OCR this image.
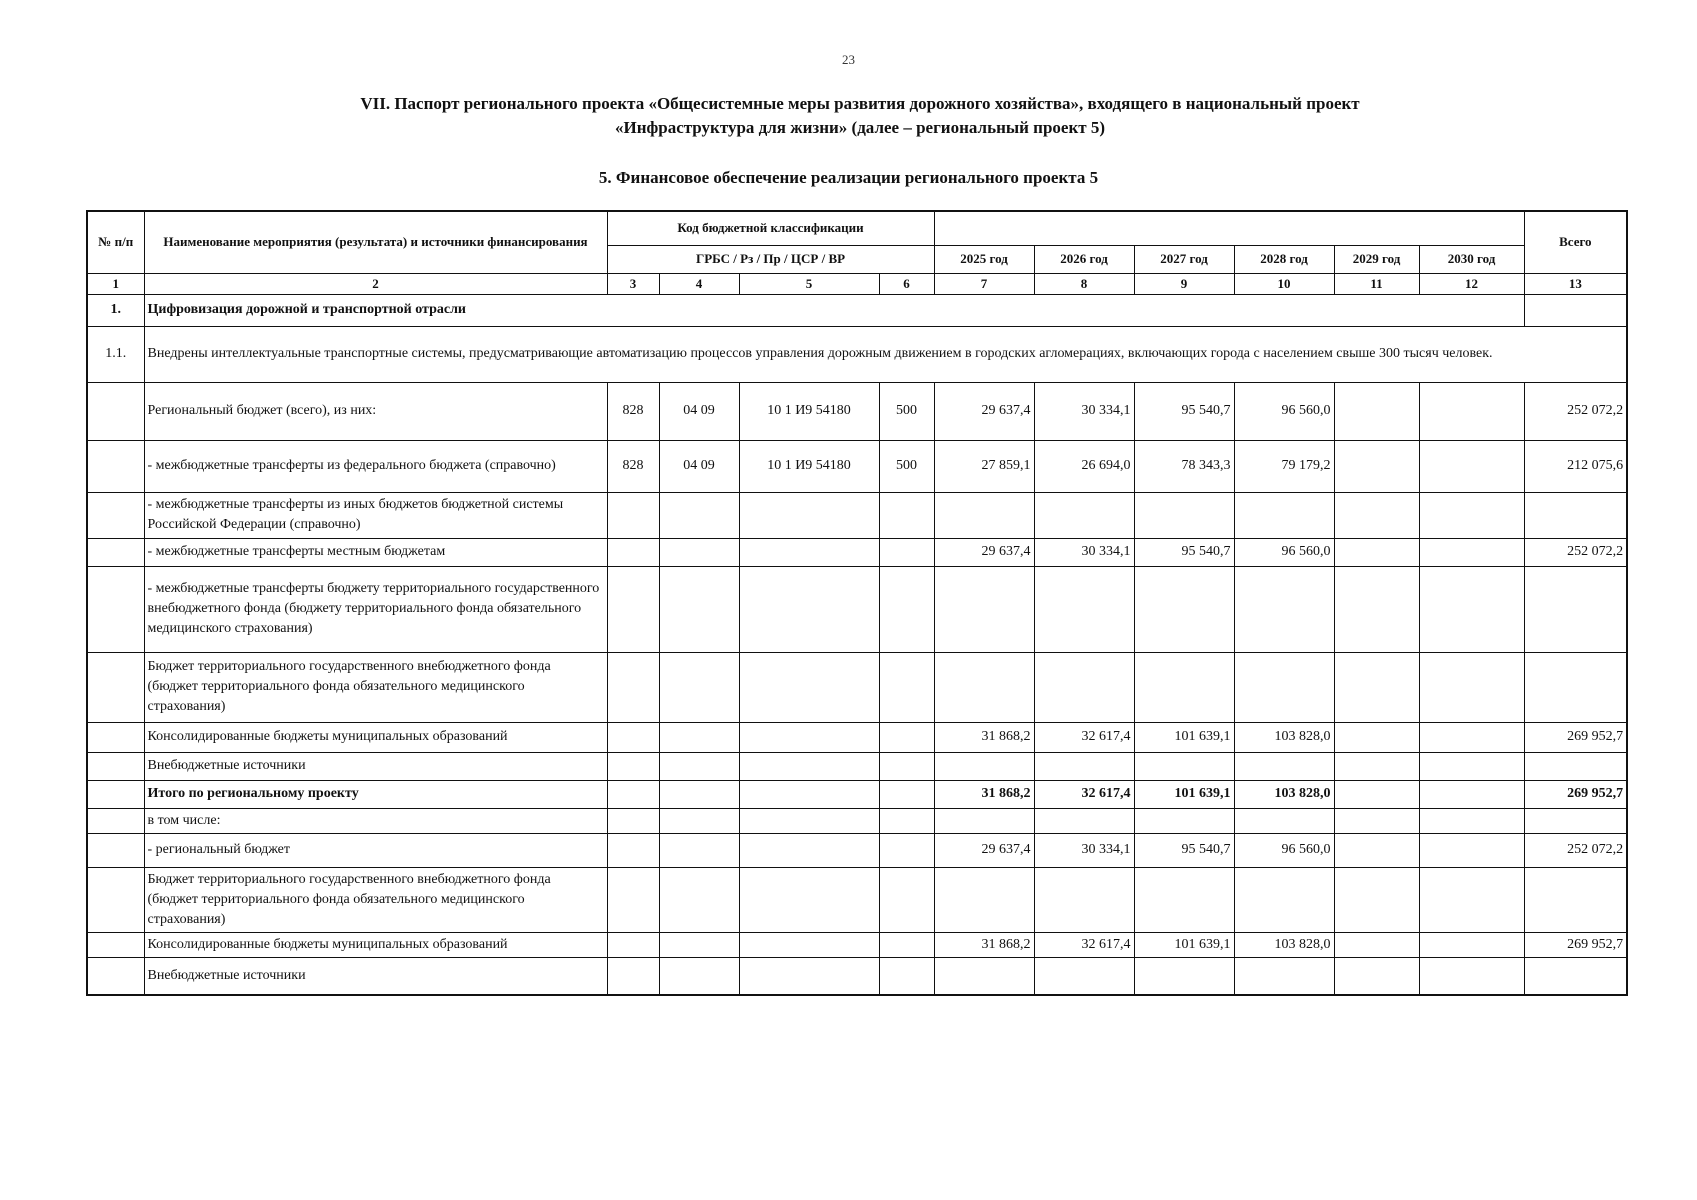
23
VII. Паспорт регионального проекта «Общесистемные меры развития дорожного хозяйства», входящего в национальный проект
«Инфраструктура для жизни» (далее – региональный проект 5)
5. Финансовое обеспечение реализации регионального проекта 5
№ п/п	Наименование мероприятия (результата) и источники финансирования	Код бюджетной классификации										Всего
		ГРБС / Рз / Пр / ЦСР / ВР				2025 год	2026 год	2027 год	2028 год	2029 год	2030 год	
1	2	3	4	5	6	7	8	9	10	11	12	13
1.	Цифровизация дорожной и транспортной отрасли											
1.1.	Внедрены интеллектуальные транспортные системы, предусматривающие автоматизацию процессов управления дорожным движением в городских агломерациях, включающих города с населением свыше 300 тысяч человек.											
	Региональный бюджет (всего), из них:	828	04 09	10 1 И9 54180	500	29 637,4	30 334,1	95 540,7	96 560,0			252 072,2
	- межбюджетные трансферты из федерального бюджета (справочно)	828	04 09	10 1 И9 54180	500	27 859,1	26 694,0	78 343,3	79 179,2			212 075,6
	- межбюджетные трансферты из иных бюджетов бюджетной системы Российской Федерации (справочно)											
	- межбюджетные трансферты местным бюджетам					29 637,4	30 334,1	95 540,7	96 560,0			252 072,2
	- межбюджетные трансферты бюджету территориального государственного внебюджетного фонда (бюджету территориального фонда обязательного медицинского страхования)											
	Бюджет территориального государственного внебюджетного фонда (бюджет территориального фонда обязательного медицинского страхования)											
	Консолидированные бюджеты муниципальных образований					31 868,2	32 617,4	101 639,1	103 828,0			269 952,7
	Внебюджетные источники											
	Итого по региональному проекту					31 868,2	32 617,4	101 639,1	103 828,0			269 952,7
	в том числе:											
	- региональный бюджет					29 637,4	30 334,1	95 540,7	96 560,0			252 072,2
	Бюджет территориального государственного внебюджетного фонда (бюджет территориального фонда обязательного медицинского страхования)											
	Консолидированные бюджеты муниципальных образований					31 868,2	32 617,4	101 639,1	103 828,0			269 952,7
	Внебюджетные источники											
